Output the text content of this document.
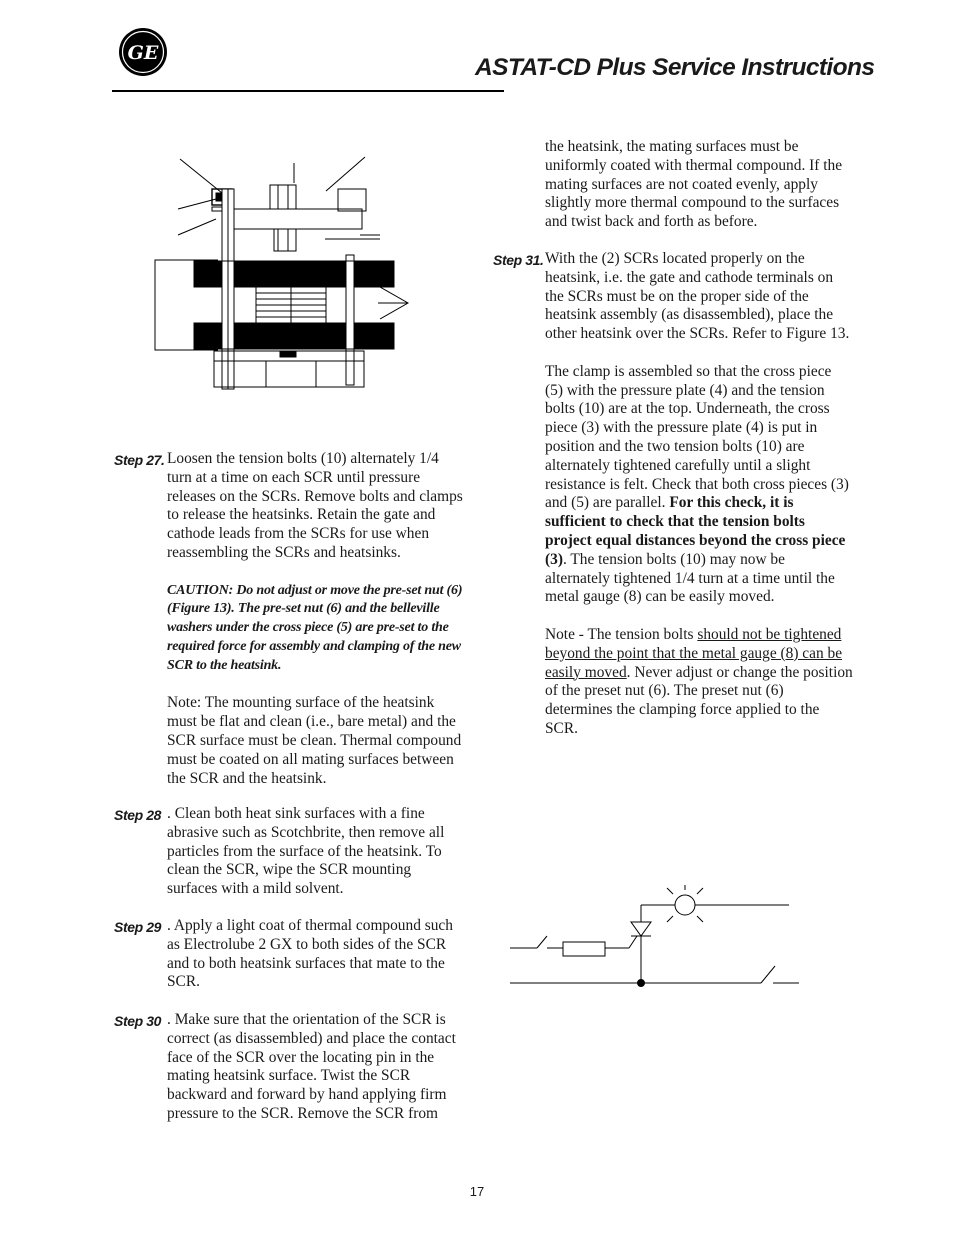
GE
ASTAT-CD Plus Service Instructions
Step 27. Loosen the tension bolts (10) alternately 1/4 turn at a time on each SCR until pressure releases on the SCRs. Remove bolts and clamps to release the heatsinks. Retain the gate and cathode leads from the SCRs for use when reassembling the SCRs and heatsinks.

CAUTION: Do not adjust or move the pre-set nut (6) (Figure 13). The pre-set nut (6) and the belleville washers under the cross piece (5) are pre-set to the required force for assembly and clamping of the new SCR to the heatsink.

Note: The mounting surface of the heatsink must be flat and clean (i.e., bare metal) and the SCR surface must be clean. Thermal compound must be coated on all mating surfaces between the SCR and the heatsink.

Step 28 . Clean both heat sink surfaces with a fine abrasive such as Scotchbrite, then remove all particles from the surface of the heatsink. To clean the SCR, wipe the SCR mounting surfaces with a mild solvent.

Step 29 . Apply a light coat of thermal compound such as Electrolube 2 GX to both sides of the SCR and to both heatsink surfaces that mate to the SCR.

Step 30 . Make sure that the orientation of the SCR is correct (as disassembled) and place the contact face of the SCR over the locating pin in the mating heatsink surface. Twist the SCR backward and forward by hand applying firm pressure to the SCR. Remove the SCR from

the heatsink, the mating surfaces must be uniformly coated with thermal compound. If the mating surfaces are not coated evenly, apply slightly more thermal compound to the surfaces and twist back and forth as before.

Step 31. With the (2) SCRs located properly on the heatsink, i.e. the gate and cathode terminals on the SCRs must be on the proper side of the heatsink assembly (as disassembled), place the other heatsink over the SCRs. Refer to Figure 13.

The clamp is assembled so that the cross piece (5) with the pressure plate (4) and the tension bolts (10) are at the top. Underneath, the cross piece (3) with the pressure plate (4) is put in position and the two tension bolts (10) are alternately tightened carefully until a slight resistance is felt. Check that both cross pieces (3) and (5) are parallel. For this check, it is sufficient to check that the tension bolts project equal distances beyond the cross piece (3). The tension bolts (10) may now be alternately tightened 1/4 turn at a time until the metal gauge (8) can be easily moved.

Note - The tension bolts should not be tightened beyond the point that the metal gauge (8) can be easily moved. Never adjust or change the position of the preset nut (6). The preset nut (6) determines the clamping force applied to the SCR.

17
